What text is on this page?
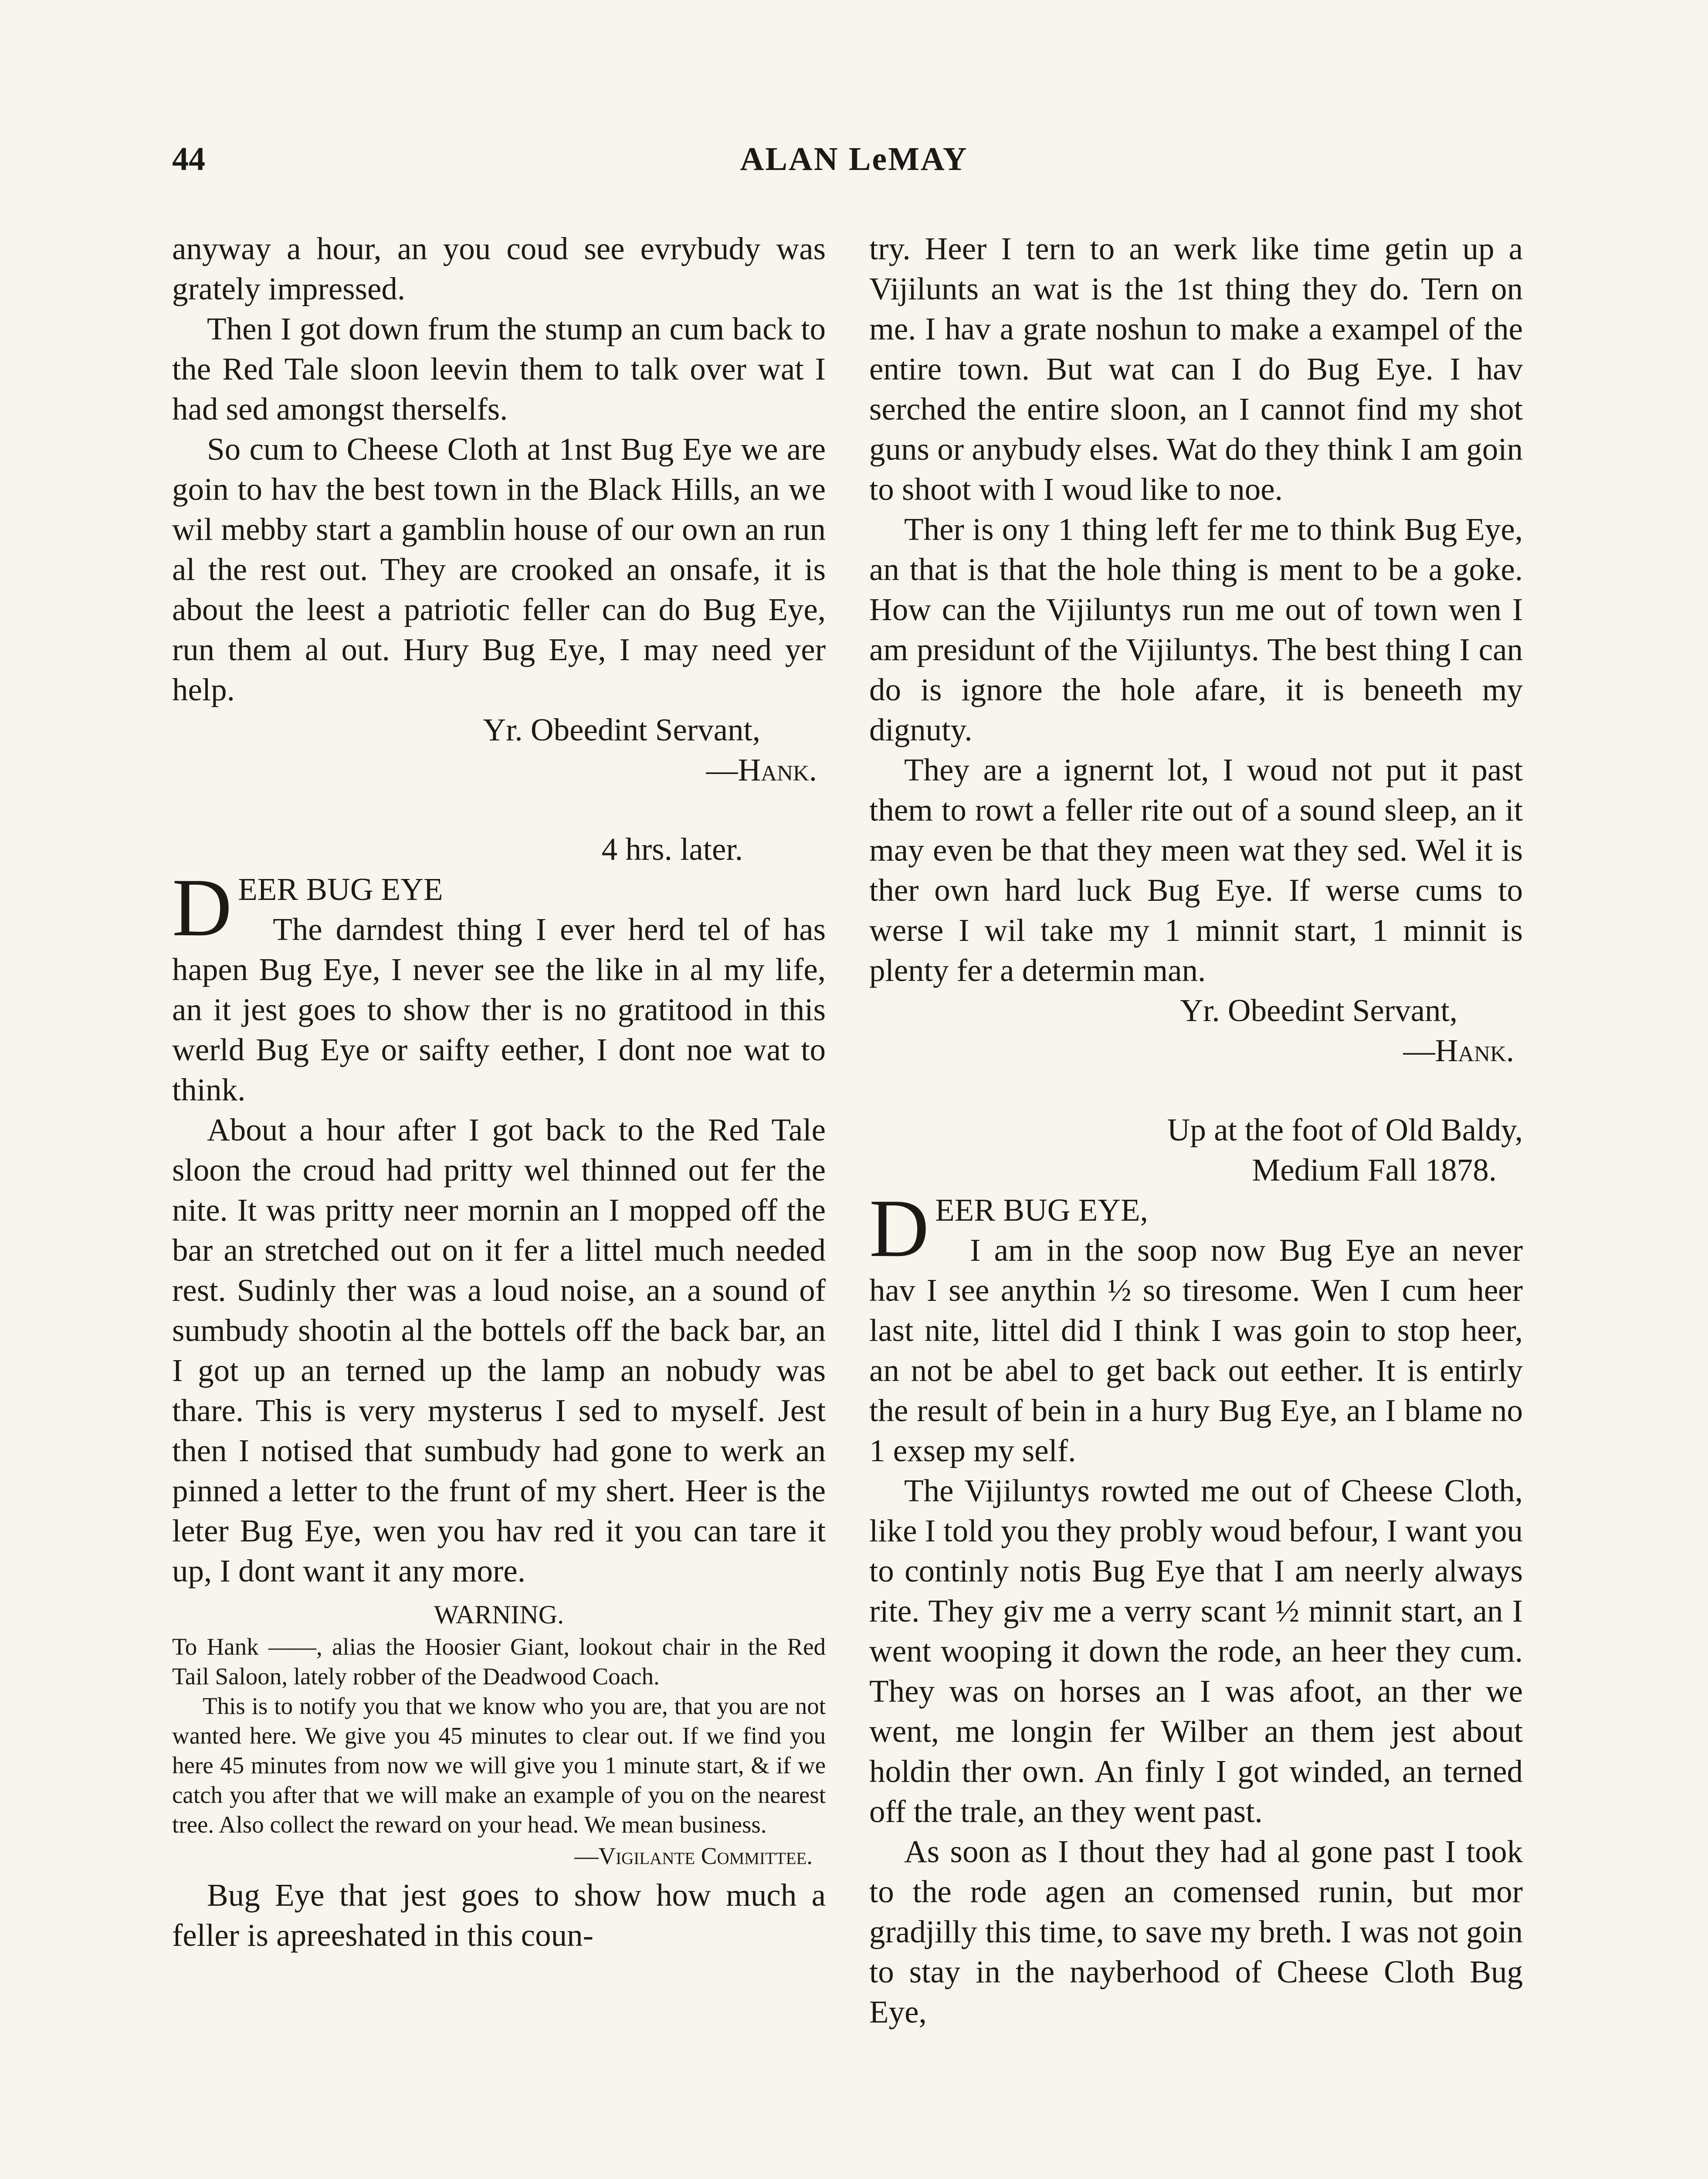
44	ALAN LeMAY

anyway a hour, an you coud see evrybudy was grately impressed.

Then I got down frum the stump an cum back to the Red Tale sloon leevin them to talk over wat I had sed amongst therselfs.

So cum to Cheese Cloth at 1nst Bug Eye we are goin to hav the best town in the Black Hills, an we wil mebby start a gamblin house of our own an run al the rest out. They are crooked an onsafe, it is about the leest a patriotic feller can do Bug Eye, run them al out. Hury Bug Eye, I may need yer help.

Yr. Obeedint Servant,
—Hank.
4 hrs. later.
D EER BUG EYE

The darndest thing I ever herd tel of has hapen Bug Eye, I never see the like in al my life, an it jest goes to show ther is no gratitood in this werld Bug Eye or saifty eether, I dont noe wat to think.

About a hour after I got back to the Red Tale sloon the croud had pritty wel thinned out fer the nite. It was pritty neer mornin an I mopped off the bar an stretched out on it fer a littel much needed rest. Sudinly ther was a loud noise, an a sound of sumbudy shootin al the bottels off the back bar, an I got up an terned up the lamp an nobudy was thare. This is very mysterus I sed to myself. Jest then I notised that sumbudy had gone to werk an pinned a letter to the frunt of my shert. Heer is the leter Bug Eye, wen you hav red it you can tare it up, I dont want it any more.

WARNING.

To Hank ——, alias the Hoosier Giant, lookout chair in the Red Tail Saloon, lately robber of the Deadwood Coach.

This is to notify you that we know who you are, that you are not wanted here. We give you 45 minutes to clear out. If we find you here 45 minutes from now we will give you 1 minute start, & if we catch you after that we will make an example of you on the nearest tree. Also collect the reward on your head. We mean business.

—Vigilante Committee.

Bug Eye that jest goes to show how much a feller is apreeshated in this coun-

try. Heer I tern to an werk like time getin up a Vijilunts an wat is the 1st thing they do. Tern on me. I hav a grate noshun to make a exampel of the entire town. But wat can I do Bug Eye. I hav serched the entire sloon, an I cannot find my shot guns or anybudy elses. Wat do they think I am goin to shoot with I woud like to noe.

Ther is ony 1 thing left fer me to think Bug Eye, an that is that the hole thing is ment to be a goke. How can the Vijiluntys run me out of town wen I am presidunt of the Vijiluntys. The best thing I can do is ignore the hole afare, it is beneeth my dignuty.

They are a ignernt lot, I woud not put it past them to rowt a feller rite out of a sound sleep, an it may even be that they meen wat they sed. Wel it is ther own hard luck Bug Eye. If werse cums to werse I wil take my 1 minnit start, 1 minnit is plenty fer a determin man.

Yr. Obeedint Servant,
—Hank.
Up at the foot of Old Baldy,
Medium Fall 1878.
D EER BUG EYE,

I am in the soop now Bug Eye an never hav I see anythin ½ so tiresome. Wen I cum heer last nite, littel did I think I was goin to stop heer, an not be abel to get back out eether. It is entirly the result of bein in a hury Bug Eye, an I blame no 1 exsep my self.

The Vijiluntys rowted me out of Cheese Cloth, like I told you they probly woud befour, I want you to continly notis Bug Eye that I am neerly always rite. They giv me a verry scant ½ minnit start, an I went wooping it down the rode, an heer they cum. They was on horses an I was afoot, an ther we went, me longin fer Wilber an them jest about holdin ther own. An finly I got winded, an terned off the trale, an they went past.

As soon as I thout they had al gone past I took to the rode agen an comensed runin, but mor gradjilly this time, to save my breth. I was not goin to stay in the nayberhood of Cheese Cloth Bug Eye,
